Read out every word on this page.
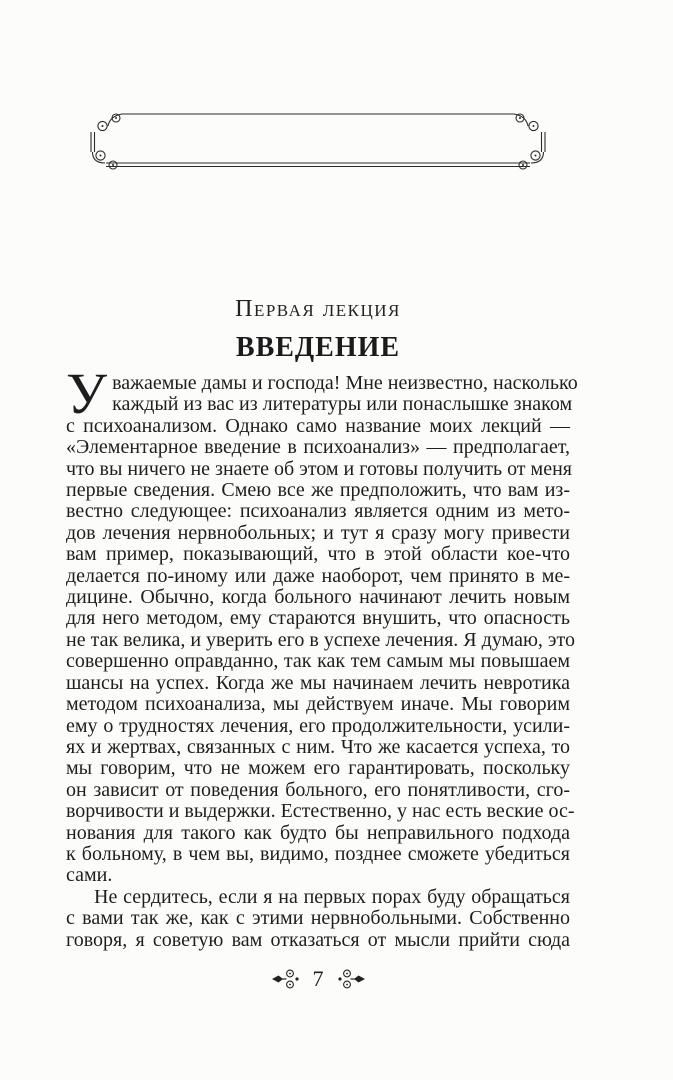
Первая лекция
ВВЕДЕНИЕ
У важаемые дамы и господа! Мне неизвестно, насколько
каждый из вас из литературы или понаслышке знаком
с психоанализом. Однако само название моих лекций —
«Элементарное введение в психоанализ» — предполагает,
что вы ничего не знаете об этом и готовы получить от меня
первые сведения. Смею все же предположить, что вам из-
вестно следующее: психоанализ является одним из мето-
дов лечения нервнобольных; и тут я сразу могу привести
вам пример, показывающий, что в этой области кое-что
делается по-иному или даже наоборот, чем принято в ме-
дицине. Обычно, когда больного начинают лечить новым
для него методом, ему стараются внушить, что опасность
не так велика, и уверить его в успехе лечения. Я думаю, это
совершенно оправданно, так как тем самым мы повышаем
шансы на успех. Когда же мы начинаем лечить невротика
методом психоанализа, мы действуем иначе. Мы говорим
ему о трудностях лечения, его продолжительности, усили-
ях и жертвах, связанных с ним. Что же касается успеха, то
мы говорим, что не можем его гарантировать, поскольку
он зависит от поведения больного, его понятливости, сго-
ворчивости и выдержки. Естественно, у нас есть веские ос-
нования для такого как будто бы неправильного подхода
к больному, в чем вы, видимо, позднее сможете убедиться
сами.
Не сердитесь, если я на первых порах буду обращаться
с вами так же, как с этими нервнобольными. Собственно
говоря, я советую вам отказаться от мысли прийти сюда
7
